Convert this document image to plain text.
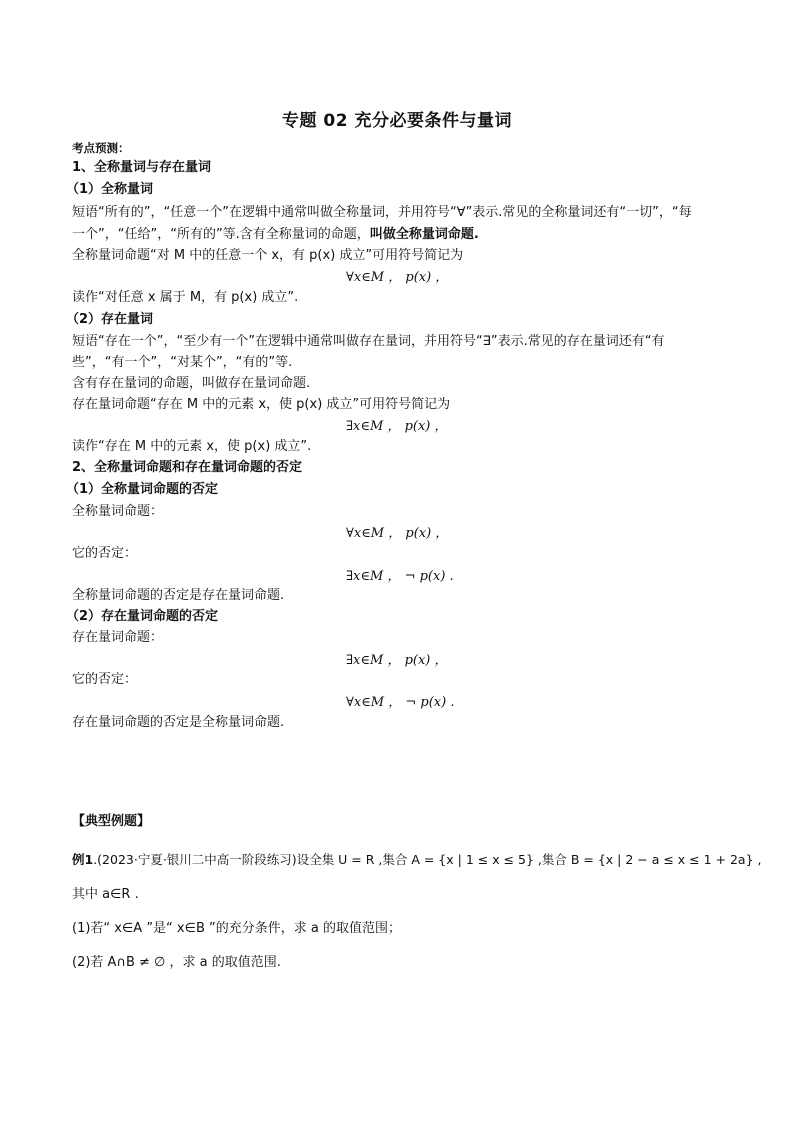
专题 02 充分必要条件与量词
考点预测：
1、全称量词与存在量词
（1）全称量词
短语“所有的”，“任意一个”在逻辑中通常叫做全称量词，并用符号“∀”表示.常见的全称量词还有“一切”，“每
一个”，“任给”，“所有的”等.含有全称量词的命题，叫做全称量词命题.
全称量词命题“对 M 中的任意一个 x，有 p(x) 成立”可用符号简记为
∀x∈M ， p(x) ，
读作“对任意 x 属于 M，有 p(x) 成立”.
（2）存在量词
短语“存在一个”，“至少有一个”在逻辑中通常叫做存在量词，并用符号“∃”表示.常见的存在量词还有“有
些”，“有一个”，“对某个”，“有的”等.
含有存在量词的命题，叫做存在量词命题.
存在量词命题“存在 M 中的元素 x，使 p(x) 成立”可用符号简记为
∃x∈M ， p(x) ，
读作“存在 M 中的元素 x，使 p(x) 成立”.
2、全称量词命题和存在量词命题的否定
（1）全称量词命题的否定
全称量词命题：
∀x∈M ， p(x) ，
它的否定：
∃x∈M ， ¬ p(x) .
全称量词命题的否定是存在量词命题.
（2）存在量词命题的否定
存在量词命题：
∃x∈M ， p(x) ，
它的否定：
∀x∈M ， ¬ p(x) .
存在量词命题的否定是全称量词命题.
【典型例题】
例1.(2023·宁夏·银川二中高一阶段练习)设全集 U = R ,集合 A = {x | 1 ≤ x ≤ 5} ,集合 B = {x | 2 − a ≤ x ≤ 1 + 2a} ,
其中 a∈R .
(1)若“ x∈A ”是“ x∈B ”的充分条件，求 a 的取值范围；
(2)若 A∩B ≠ ∅ ，求 a 的取值范围.
